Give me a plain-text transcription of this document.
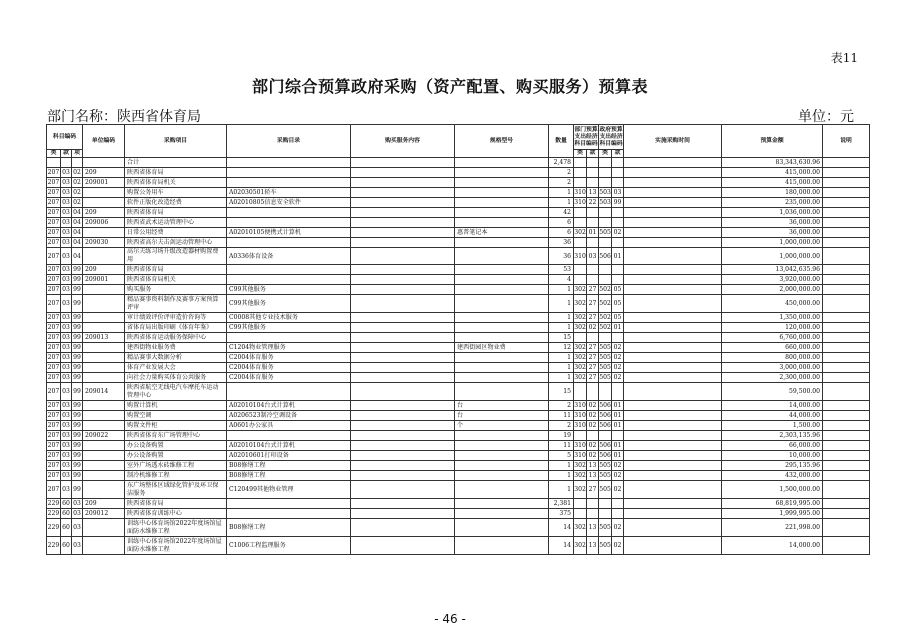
表11
部门综合预算政府采购（资产配置、购买服务）预算表
部门名称：陕西省体育局	单位：元
科目编码			单位编码	采购项目	采购目录	购买服务内容	规格型号	数量	部门预算支出经济科目编码		政府预算支出经济科目编码		实施采购时间	预算金额	说明
类	款	项							类	款	类	款			
				合计				2,478						83,343,630.96	
207	03	02	209	陕西省体育局				2						415,000.00	
207	03	02	209001	陕西省体育局机关				2						415,000.00	
207	03	02		购置公务用车	A02030501轿车			1	310	13	503	03		180,000.00	
207	03	02		软件正版化改造经费	A02010805信息安全软件			1	310	22	503	99		235,000.00	
207	03	04	209	陕西省体育局				42						1,036,000.00	
207	03	04	209006	陕西省武术运动管理中心				6						36,000.00	
207	03	04		日常公用经费	A02010105便携式计算机		惠普笔记本	6	302	01	505	02		36,000.00	
207	03	04	209030	陕西省高尔夫击剑运动管理中心				36						1,000,000.00	
207	03	04		高尔夫练习场升级改造器材购置费用	A0336体育设备			36	310	03	506	01		1,000,000.00	
207	03	99	209	陕西省体育局				53						13,042,635.96	
207	03	99	209001	陕西省体育局机关				4						3,920,000.00	
207	03	99		购买服务	C99其他服务			1	302	27	502	05		2,000,000.00	
207	03	99		精品赛事资料制作及赛事方案预算评审	C99其他服务			1	302	27	502	05		450,000.00	
207	03	99		审计绩效评价评审造价咨询等	C0008其他专业技术服务			1	302	27	502	05		1,350,000.00	
207	03	99		省体育局出版印刷《体育年鉴》	C99其他服务			1	302	02	502	01		120,000.00	
207	03	99	209013	陕西省体育运动服务保障中心				15						6,760,000.00	
207	03	99		建西街物业服务费	C1204物业管理服务		建西街园区物业费	12	302	27	505	02		660,000.00	
207	03	99		精品赛事大数据分析	C2004体育服务			1	302	27	505	02		800,000.00	
207	03	99		体育产业发展大会	C2004体育服务			1	302	27	505	02		3,000,000.00	
207	03	99		向社会力量购买体育公共服务	C2004体育服务			1	302	27	505	02		2,300,000.00	
207	03	99	209014	陕西省航空无线电汽车摩托车运动管理中心				15						59,500.00	
207	03	99		购置计算机	A02010104台式计算机		台	2	310	02	506	01		14,000.00	
207	03	99		购置空调	A0206523制冷空调设备		台	11	310	02	506	01		44,000.00	
207	03	99		购置文件柜	A0601办公家具		个	2	310	02	506	01		1,500.00	
207	03	99	209022	陕西省体育东广场管理中心				19						2,303,135.96	
207	03	99		办公设备购置	A02010104台式计算机			11	310	02	506	01		66,000.00	
207	03	99		办公设备购置	A02010601打印设备			5	310	02	506	01		10,000.00	
207	03	99		室外广场透水砖维修工程	B08修缮工程			1	302	13	505	02		295,135.96	
207	03	99		制冷机维修工程	B08修缮工程			1	302	13	505	02		432,000.00	
207	03	99		东广场整体区域绿化管护及环卫保洁服务	C120499其他物业管理			1	302	27	505	02		1,500,000.00	
229	60	03	209	陕西省体育局				2,381						68,819,995.00	
229	60	03	209012	陕西省体育训练中心				375						1,999,995.00	
229	60	03		训练中心体育场馆2022年度场馆屋面防水维修工程	B08修缮工程			14	302	13	505	02		221,998.00	
229	60	03		训练中心体育场馆2022年度场馆屋面防水维修工程	C1006工程监理服务			14	302	13	505	02		14,000.00	
- 46 -
